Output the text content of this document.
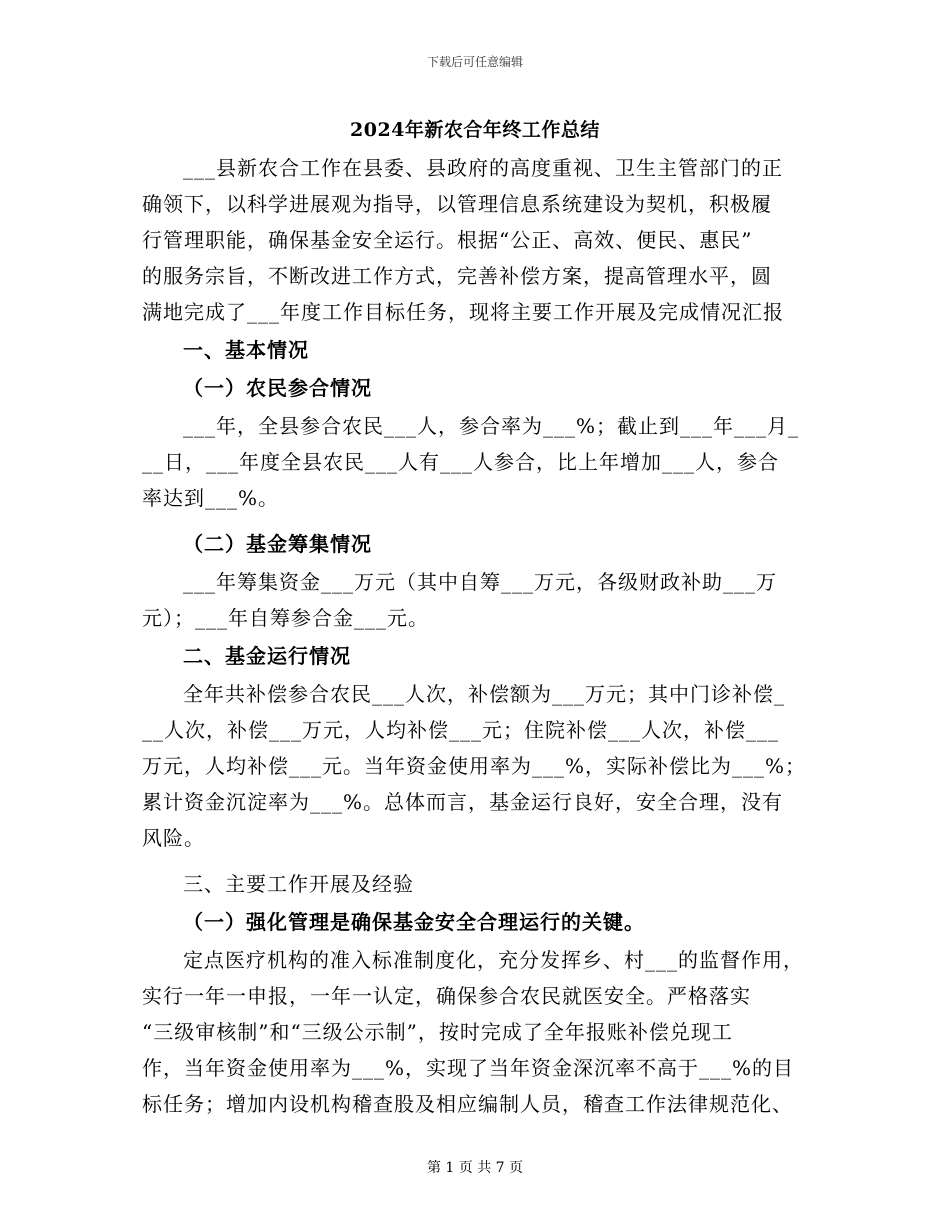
下载后可任意编辑
2024年新农合年终工作总结

___县新农合工作在县委、县政府的高度重视、卫生主管部门的正

确领下，以科学进展观为指导，以管理信息系统建设为契机，积极履

行管理职能，确保基金安全运行。根据“公正、高效、便民、惠民”

的服务宗旨，不断改进工作方式，完善补偿方案，提高管理水平，圆

满地完成了___年度工作目标任务，现将主要工作开展及完成情况汇报

一、基本情况
（一）农民参合情况

___年，全县参合农民___人，参合率为___%；截止到___年___月_

__日，___年度全县农民___人有___人参合，比上年增加___人，参合

率达到___%。

（二）基金筹集情况

___年筹集资金___万元（其中自筹___万元，各级财政补助___万

元）；___年自筹参合金___元。

二、基金运行情况

全年共补偿参合农民___人次，补偿额为___万元；其中门诊补偿_

__人次，补偿___万元，人均补偿___元；住院补偿___人次，补偿___

万元，人均补偿___元。当年资金使用率为___%，实际补偿比为___%；

累计资金沉淀率为___%。总体而言，基金运行良好，安全合理，没有

风险。

三、主要工作开展及经验
（一）强化管理是确保基金安全合理运行的关键。

定点医疗机构的准入标准制度化，充分发挥乡、村___的监督作用，

实行一年一申报，一年一认定，确保参合农民就医安全。严格落实

“三级审核制”和“三级公示制”，按时完成了全年报账补偿兑现工

作，当年资金使用率为___%，实现了当年资金深沉率不高于___%的目

标任务；增加内设机构稽查股及相应编制人员，稽查工作法律规范化、

第 1 页 共 7 页
